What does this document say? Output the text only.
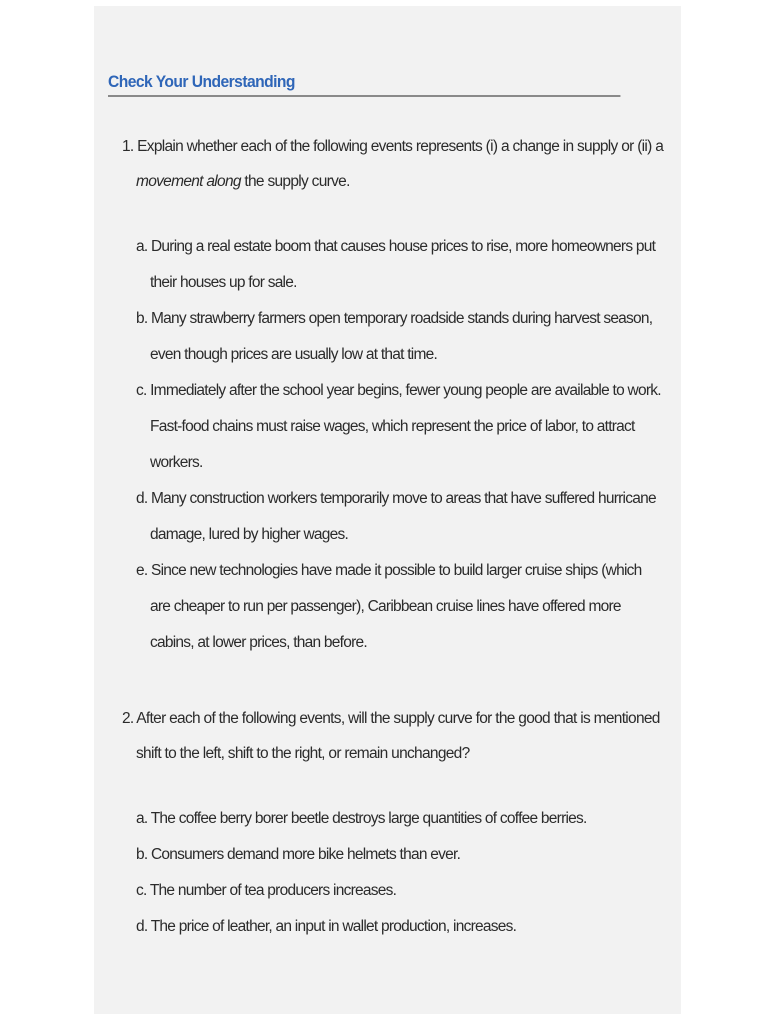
Check Your Understanding

1. Explain whether each of the following events represents (i) a change in supply or (ii) a movement along the supply curve.

a. During a real estate boom that causes house prices to rise, more homeowners put their houses up for sale.
b. Many strawberry farmers open temporary roadside stands during harvest season, even though prices are usually low at that time.
c. Immediately after the school year begins, fewer young people are available to work. Fast-food chains must raise wages, which represent the price of labor, to attract workers.
d. Many construction workers temporarily move to areas that have suffered hurricane damage, lured by higher wages.
e. Since new technologies have made it possible to build larger cruise ships (which are cheaper to run per passenger), Caribbean cruise lines have offered more cabins, at lower prices, than before.

2. After each of the following events, will the supply curve for the good that is mentioned shift to the left, shift to the right, or remain unchanged?

a. The coffee berry borer beetle destroys large quantities of coffee berries.
b. Consumers demand more bike helmets than ever.
c. The number of tea producers increases.
d. The price of leather, an input in wallet production, increases.
